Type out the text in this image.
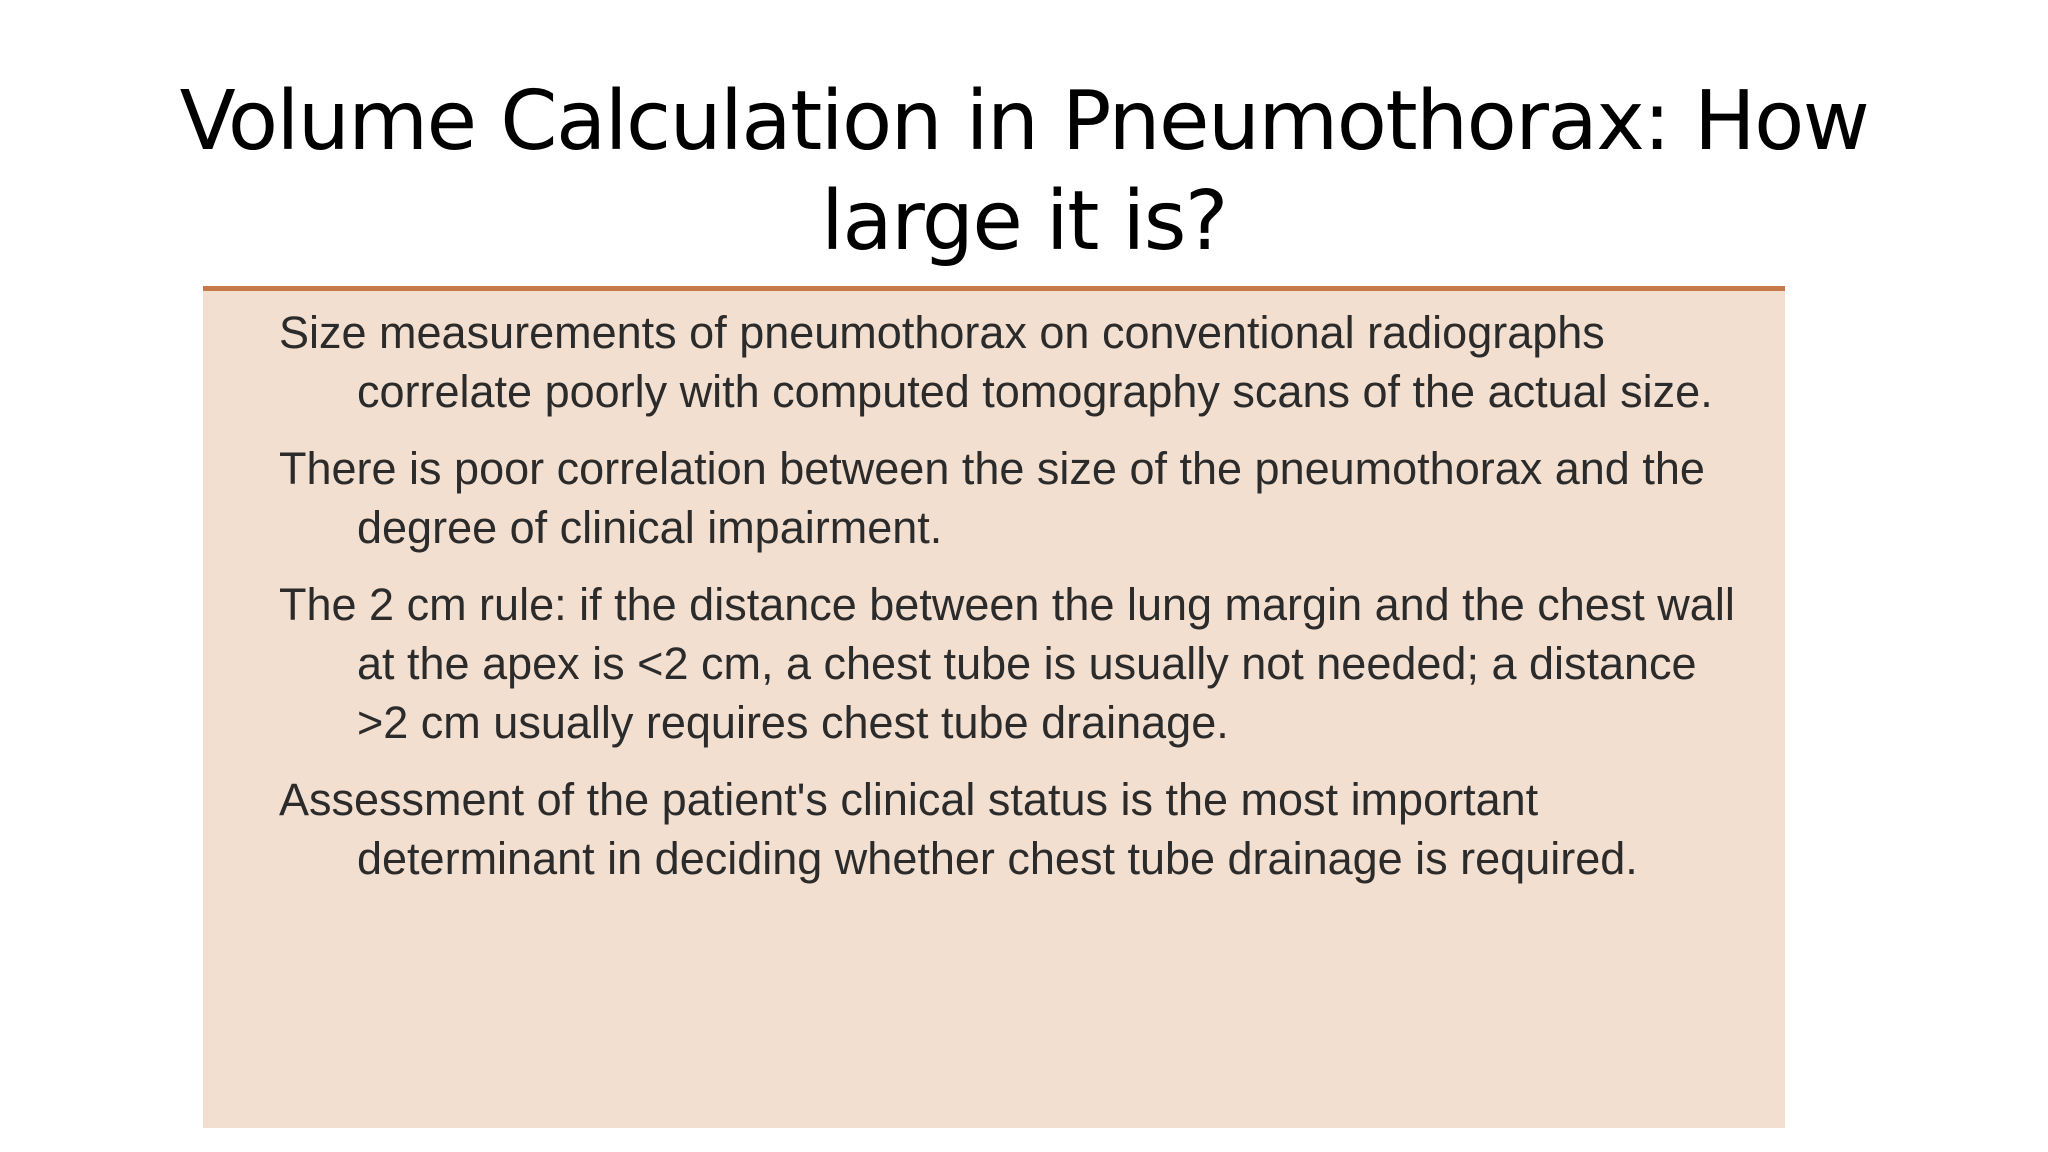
Volume Calculation in Pneumothorax: How large it is?
Size measurements of pneumothorax on conventional radiographs correlate poorly with computed tomography scans of the actual size.
There is poor correlation between the size of the pneumothorax and the degree of clinical impairment.
The 2 cm rule: if the distance between the lung margin and the chest wall at the apex is <2 cm, a chest tube is usually not needed; a distance >2 cm usually requires chest tube drainage.
Assessment of the patient's clinical status is the most important determinant in deciding whether chest tube drainage is required.
